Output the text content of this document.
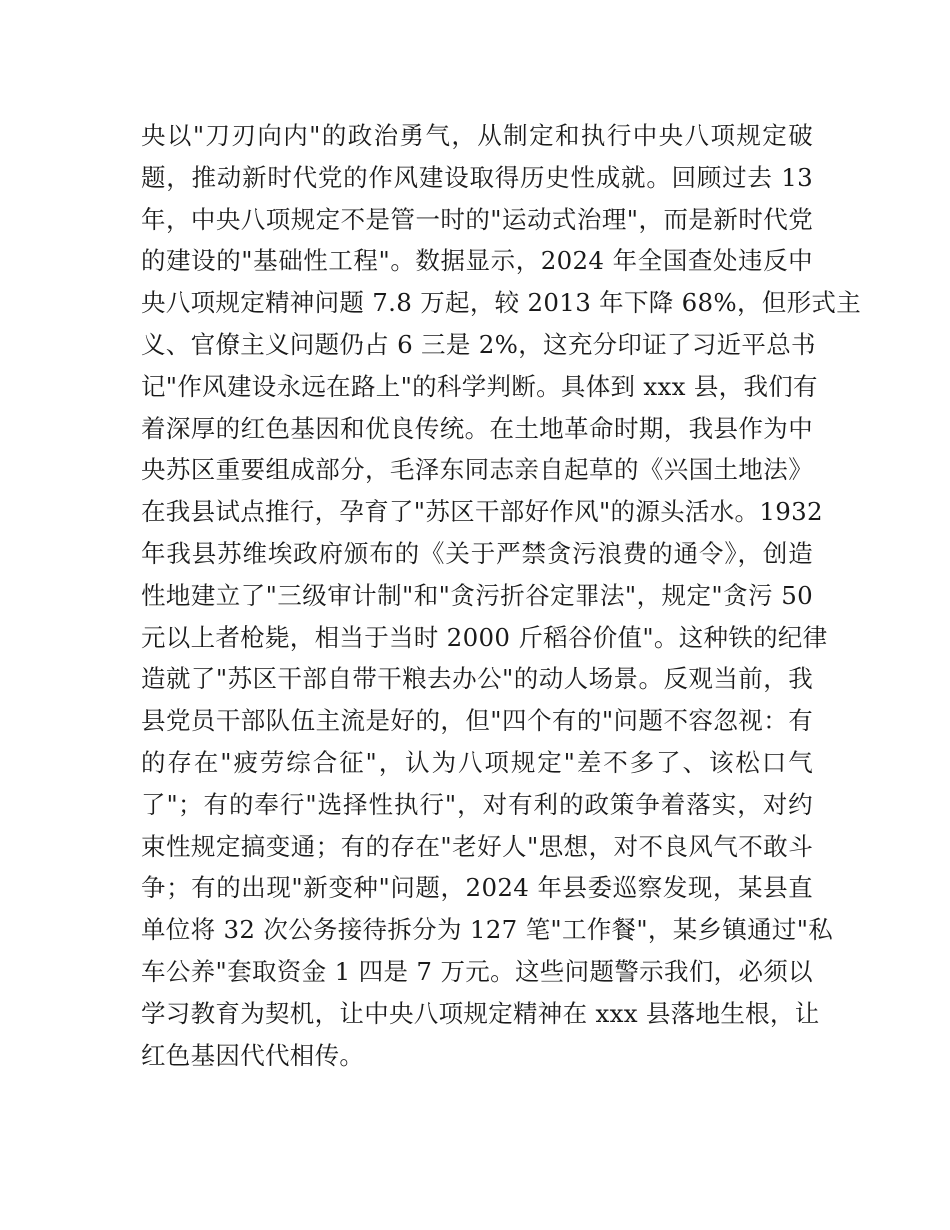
央以"刀刃向内"的政治勇气，从制定和执行中央八项规定破
题，推动新时代党的作风建设取得历史性成就。回顾过去 13
年，中央八项规定不是管一时的"运动式治理"，而是新时代党
的建设的"基础性工程"。数据显示，2024 年全国查处违反中
央八项规定精神问题 7.8 万起，较 2013 年下降 68%，但形式主
义、官僚主义问题仍占 6 三是 2%，这充分印证了习近平总书
记"作风建设永远在路上"的科学判断。具体到 xxx 县，我们有
着深厚的红色基因和优良传统。在土地革命时期，我县作为中
央苏区重要组成部分，毛泽东同志亲自起草的《兴国土地法》
在我县试点推行，孕育了"苏区干部好作风"的源头活水。1932
年我县苏维埃政府颁布的《关于严禁贪污浪费的通令》，创造
性地建立了"三级审计制"和"贪污折谷定罪法"，规定"贪污 50
元以上者枪毙，相当于当时 2000 斤稻谷价值"。这种铁的纪律
造就了"苏区干部自带干粮去办公"的动人场景。反观当前，我
县党员干部队伍主流是好的，但"四个有的"问题不容忽视：有
的存在"疲劳综合征"，认为八项规定"差不多了、该松口气
了"；有的奉行"选择性执行"，对有利的政策争着落实，对约
束性规定搞变通；有的存在"老好人"思想，对不良风气不敢斗
争；有的出现"新变种"问题，2024 年县委巡察发现，某县直
单位将 32 次公务接待拆分为 127 笔"工作餐"，某乡镇通过"私
车公养"套取资金 1 四是 7 万元。这些问题警示我们，必须以
学习教育为契机，让中央八项规定精神在 xxx 县落地生根，让
红色基因代代相传。
